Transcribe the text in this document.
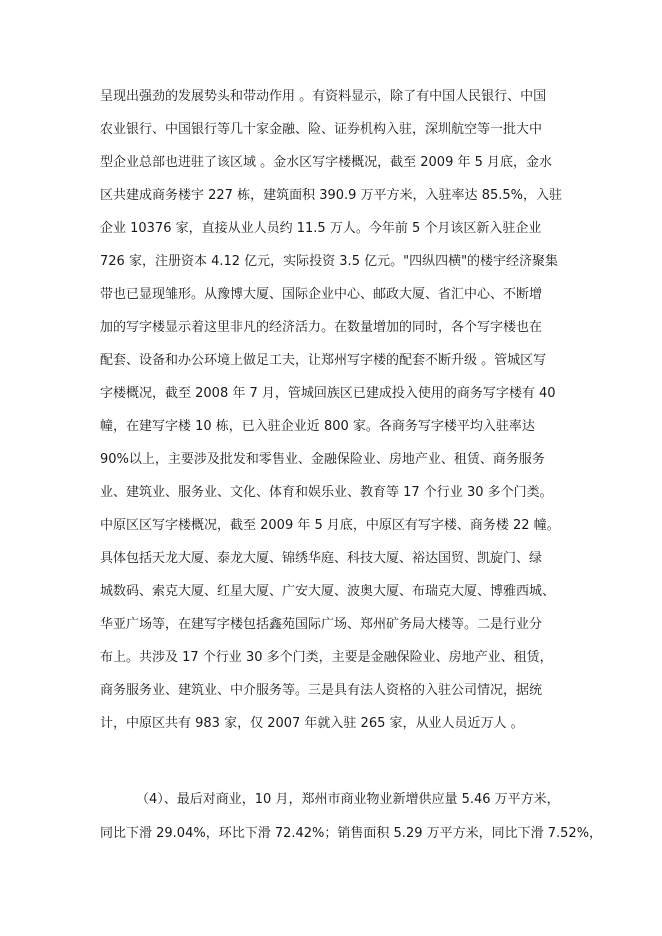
呈现出强劲的发展势头和带动作用 。有资料显示，除了有中国人民银行、中国
农业银行、中国银行等几十家金融、险、证券机构入驻，深圳航空等一批大中
型企业总部也进驻了该区域 。金水区写字楼概况，截至 2009 年 5 月底，金水
区共建成商务楼宇 227 栋，建筑面积 390.9 万平方米，入驻率达 85.5%，入驻
企业 10376 家，直接从业人员约 11.5 万人。今年前 5 个月该区新入驻企业
726 家，注册资本 4.12 亿元，实际投资 3.5 亿元。"四纵四横"的楼宇经济聚集
带也已显现雏形。从豫博大厦、国际企业中心、邮政大厦、省汇中心、不断增
加的写字楼显示着这里非凡的经济活力。在数量增加的同时，各个写字楼也在
配套、设备和办公环境上做足工夫，让郑州写字楼的配套不断升级 。管城区写
字楼概况，截至 2008 年 7 月，管城回族区已建成投入使用的商务写字楼有 40
幢，在建写字楼 10 栋，已入驻企业近 800 家。各商务写字楼平均入驻率达
90%以上，主要涉及批发和零售业、金融保险业、房地产业、租赁、商务服务
业、建筑业、服务业、文化、体育和娱乐业、教育等 17 个行业 30 多个门类。
中原区区写字楼概况，截至 2009 年 5 月底，中原区有写字楼、商务楼 22 幢。
具体包括天龙大厦、泰龙大厦、锦绣华庭、科技大厦、裕达国贸、凯旋门、绿
城数码、索克大厦、红星大厦、广安大厦、波奥大厦、布瑞克大厦、博雅西城、
华亚广场等，在建写字楼包括鑫苑国际广场、郑州矿务局大楼等。二是行业分
布上。共涉及 17 个行业 30 多个门类，主要是金融保险业、房地产业、租赁，
商务服务业、建筑业、中介服务等。三是具有法人资格的入驻公司情况，据统
计，中原区共有 983 家，仅 2007 年就入驻 265 家，从业人员近万人 。
（4）、最后对商业，10 月，郑州市商业物业新增供应量 5.46 万平方米，
同比下滑 29.04%，环比下滑 72.42%；销售面积 5.29 万平方米，同比下滑 7.52%，
